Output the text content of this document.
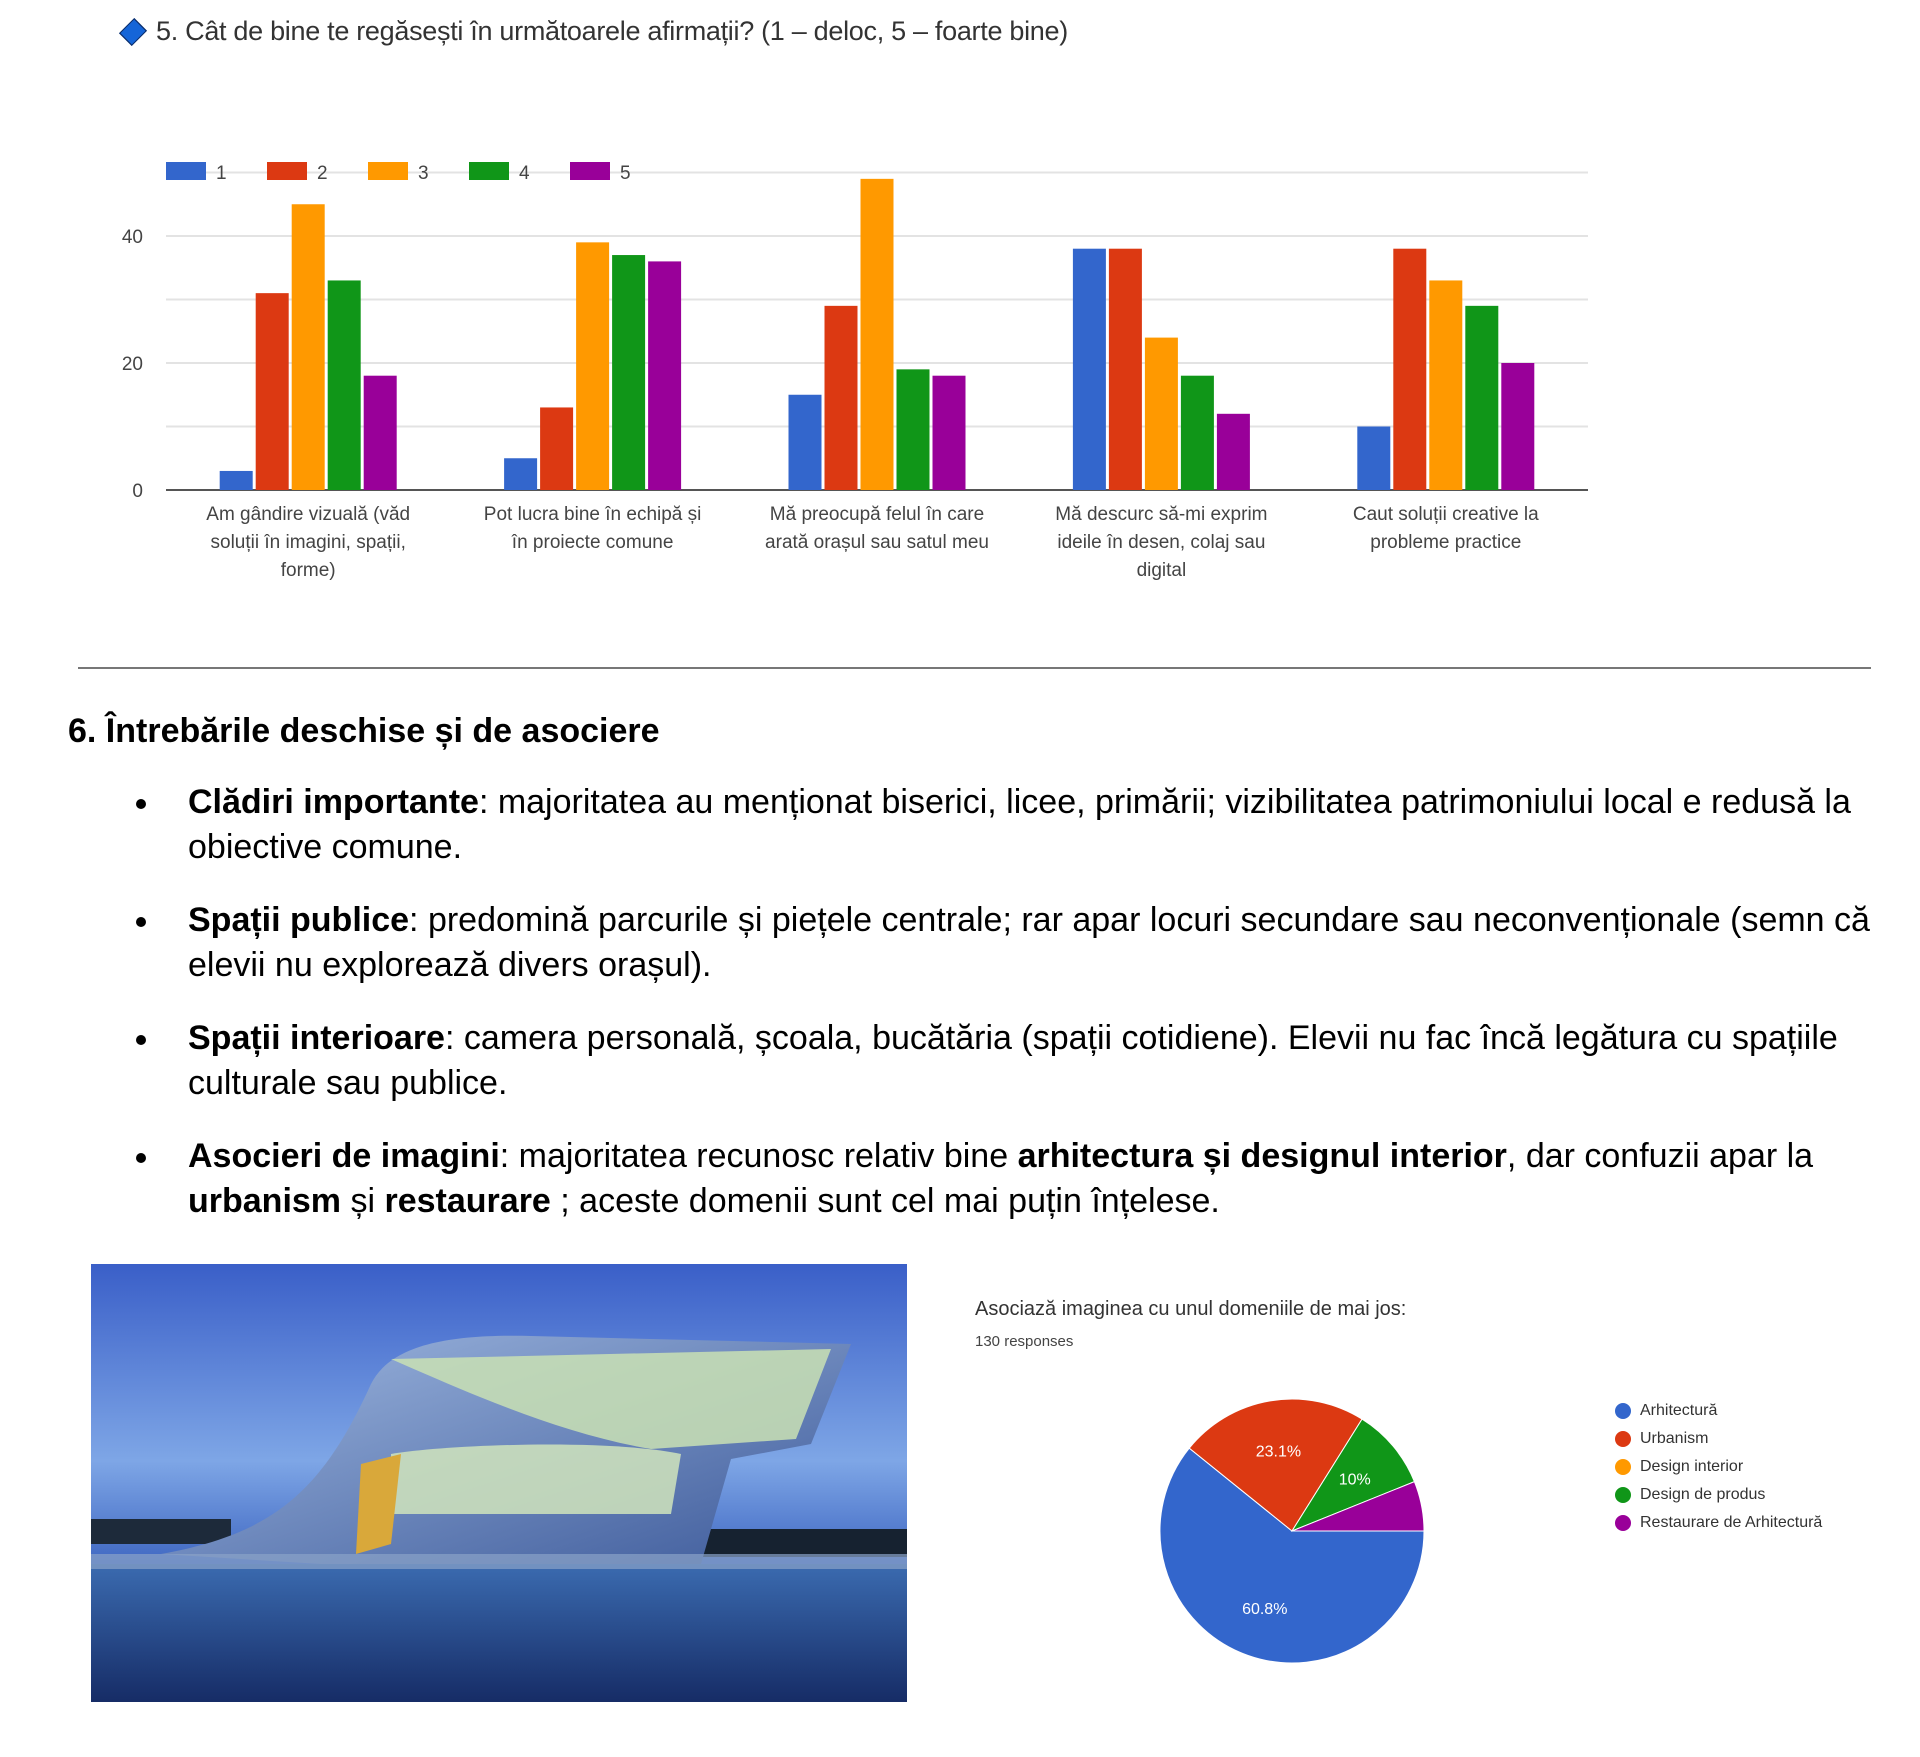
5. Cât de bine te regăsești în următoarele afirmații? (1 – deloc, 5 – foarte bine)
0
20
40
1	2	3	4	5
Am gândire vizuală (văd
soluții în imagini, spații,
forme)
Pot lucra bine în echipă și
în proiecte comune
Mă preocupă felul în care
arată orașul sau satul meu
Mă descurc să-mi exprim
ideile în desen, colaj sau
digital
Caut soluții creative la
probleme practice
6. Întrebările deschise și de asociere
Clădiri importante: majoritatea au menționat biserici, licee, primării; vizibilitatea patrimoniului local e redusă la obiective comune.
Spații publice: predomină parcurile și piețele centrale; rar apar locuri secundare sau neconvenționale (semn că elevii nu explorează divers orașul).
Spații interioare: camera personală, școala, bucătăria (spații cotidiene). Elevii nu fac încă legătura cu spațiile culturale sau publice.
Asocieri de imagini: majoritatea recunosc relativ bine arhitectura și designul interior, dar confuzii apar la urbanism și restaurare ; aceste domenii sunt cel mai puțin înțelese.
Asociază imaginea cu unul domeniile de mai jos:
130 responses
60.8%
23.1%
10%
Arhitectură
Urbanism
Design interior
Design de produs
Restaurare de Arhitectură
